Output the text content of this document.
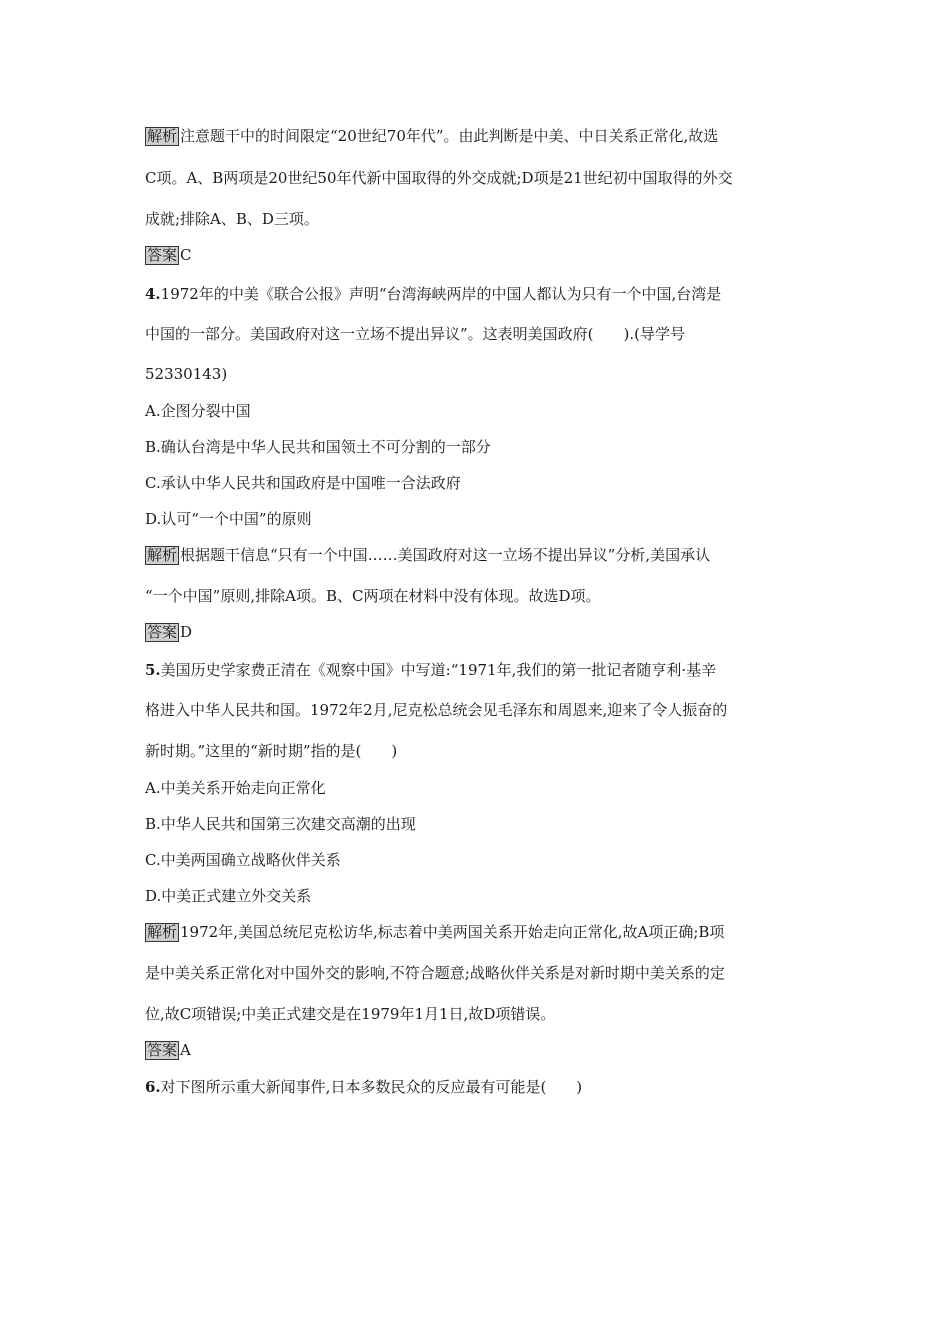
解析 注意题干中的时间限定“20世纪70年代”。由此判断是中美、中日关系正常化,故选
C项。A、B两项是20世纪50年代新中国取得的外交成就;D项是21世纪初中国取得的外交
成就;排除A、B、D三项。
答案 C
4.1972年的中美《联合公报》声明“台湾海峡两岸的中国人都认为只有一个中国,台湾是
中国的一部分。美国政府对这一立场不提出异议”。这表明美国政府(　　).(导学号
52330143)
A.企图分裂中国
B.确认台湾是中华人民共和国领土不可分割的一部分
C.承认中华人民共和国政府是中国唯一合法政府
D.认可“一个中国”的原则
解析 根据题干信息“只有一个中国……美国政府对这一立场不提出异议”分析,美国承认
“一个中国”原则,排除A项。B、C两项在材料中没有体现。故选D项。
答案 D
5.美国历史学家费正清在《观察中国》中写道:“1971年,我们的第一批记者随亨利·基辛
格进入中华人民共和国。1972年2月,尼克松总统会见毛泽东和周恩来,迎来了令人振奋的
新时期。”这里的“新时期”指的是(　　)
A.中美关系开始走向正常化
B.中华人民共和国第三次建交高潮的出现
C.中美两国确立战略伙伴关系
D.中美正式建立外交关系
解析 1972年,美国总统尼克松访华,标志着中美两国关系开始走向正常化,故A项正确;B项
是中美关系正常化对中国外交的影响,不符合题意;战略伙伴关系是对新时期中美关系的定
位,故C项错误;中美正式建交是在1979年1月1日,故D项错误。
答案 A
6.对下图所示重大新闻事件,日本多数民众的反应最有可能是(　　)
